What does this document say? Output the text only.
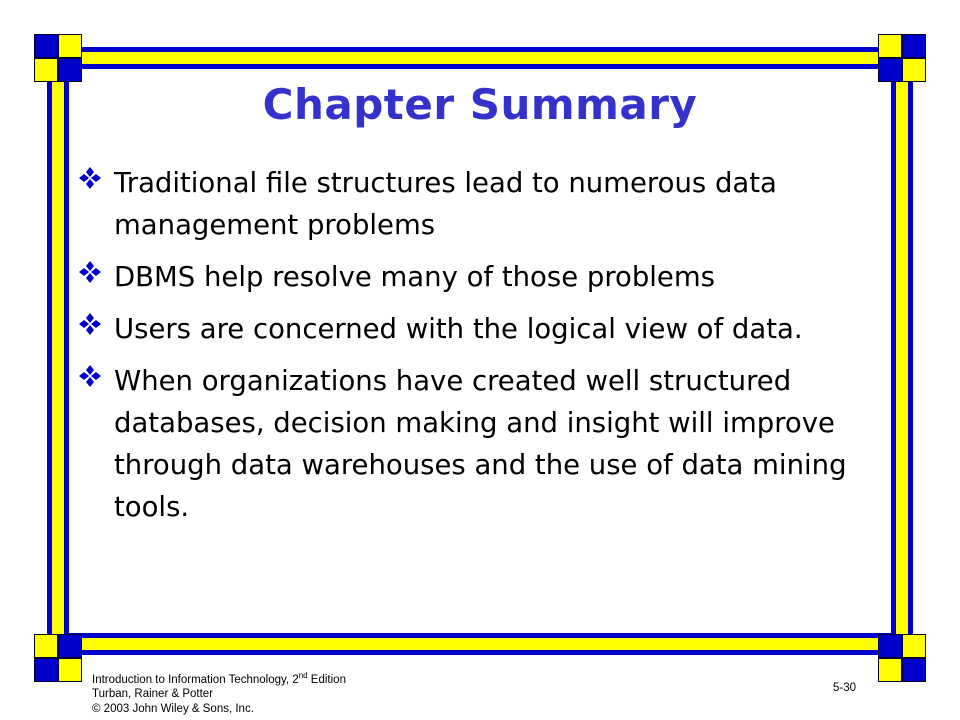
Chapter Summary
Traditional file structures lead to numerous data management problems
DBMS help resolve many of those problems
Users are concerned with the logical view of data.
When organizations have created well structured databases, decision making and insight will improve through data warehouses and the use of data mining tools.
Introduction to Information Technology, 2nd Edition
Turban, Rainer & Potter
© 2003 John Wiley & Sons, Inc.
5-30
